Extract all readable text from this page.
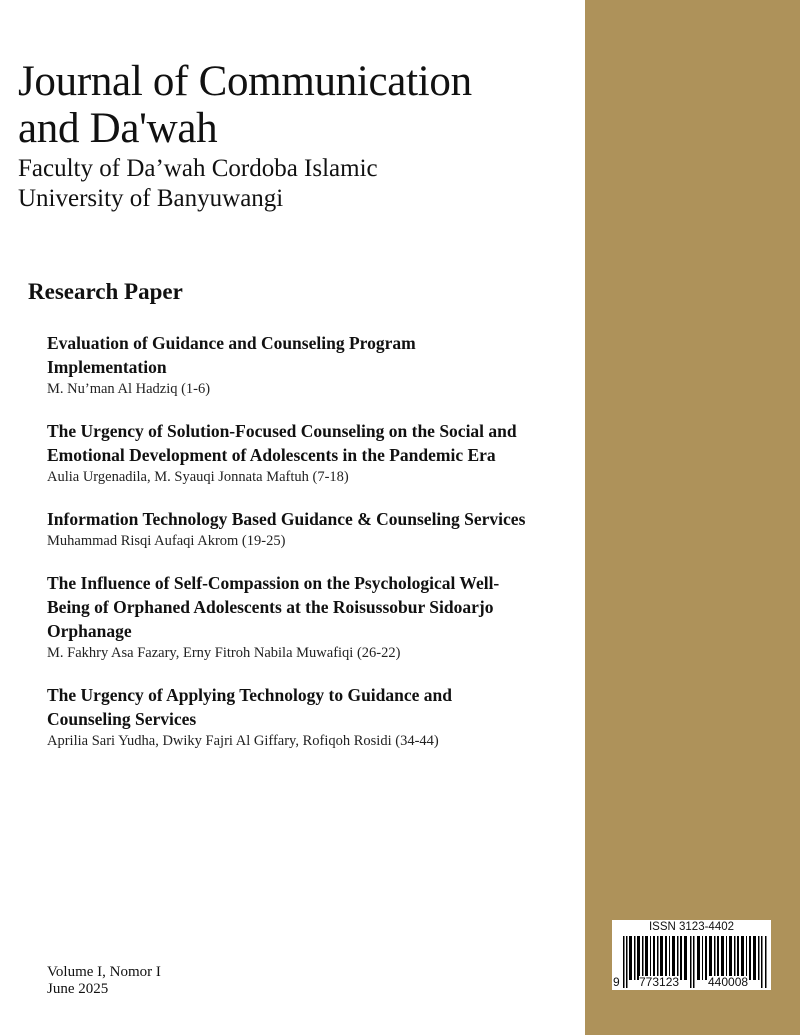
Journal of Communication
and Da'wah
Faculty of Da’wah Cordoba Islamic
University of Banyuwangi
Research Paper
Evaluation of Guidance and Counseling Program Implementation
M. Nu’man Al Hadziq (1-6)
The Urgency of Solution-Focused Counseling on the Social and Emotional Development of Adolescents in the Pandemic Era
Aulia Urgenadila, M. Syauqi Jonnata Maftuh (7-18)
Information Technology Based Guidance & Counseling Services
Muhammad Risqi Aufaqi Akrom (19-25)
The Influence of Self-Compassion on the Psychological Well-Being of Orphaned Adolescents at the Roisussobur Sidoarjo Orphanage
M. Fakhry Asa Fazary, Erny Fitroh Nabila Muwafiqi (26-22)
The Urgency of Applying Technology to Guidance and Counseling Services
Aprilia Sari Yudha, Dwiky Fajri Al Giffary, Rofiqoh Rosidi (34-44)
Volume I, Nomor I
June 2025
ISSN 3123-4402
9 773123 440008
